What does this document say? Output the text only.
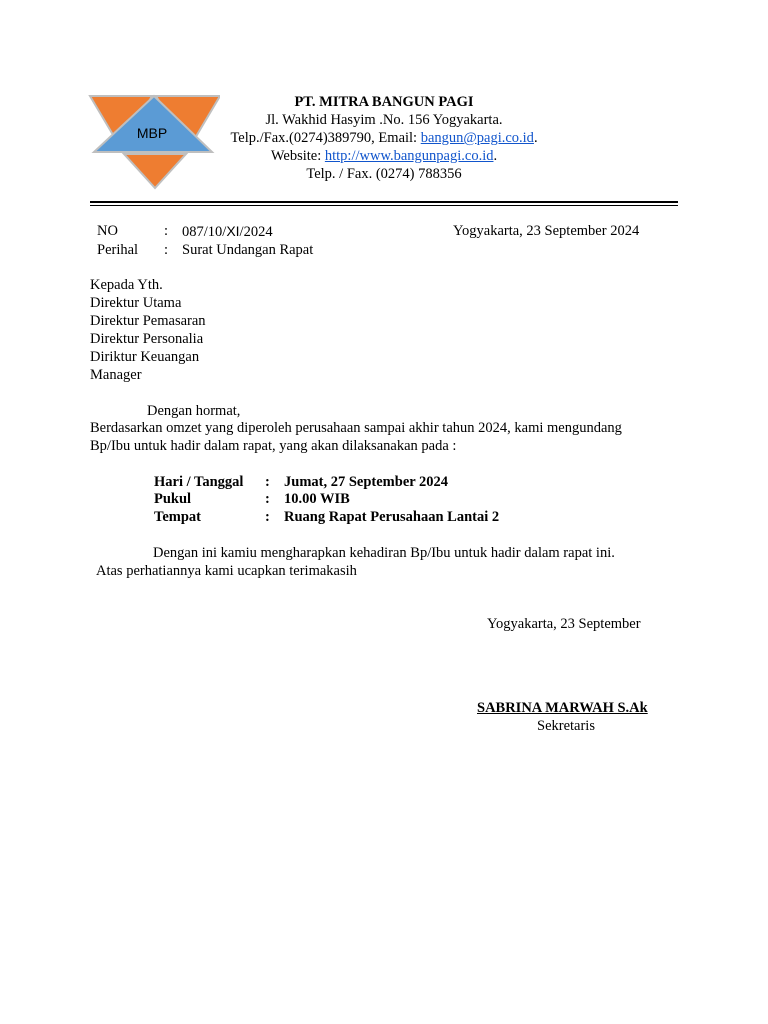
MBP
PT. MITRA BANGUN PAGI
Jl. Wakhid Hasyim .No. 156 Yogyakarta.
Telp./Fax.(0274)389790, Email: bangun@pagi.co.id.
Website: http://www.bangunpagi.co.id.
Telp. / Fax. (0274) 788356
NO	: 087/10/XI/2024	Yogyakarta, 23 September 2024
Perihal : Surat Undangan Rapat
Kepada Yth.
Direktur Utama
Direktur Pemasaran
Direktur Personalia
Diriktur Keuangan
Manager
Dengan hormat,
Berdasarkan omzet yang diperoleh perusahaan sampai akhir tahun 2024, kami mengundang
Bp/Ibu untuk hadir dalam rapat, yang akan dilaksanakan pada :
Hari / Tanggal : Jumat, 27 September 2024
Pukul	: 10.00 WIB
Tempat	: Ruang Rapat Perusahaan Lantai 2
Dengan ini kamiu mengharapkan kehadiran Bp/Ibu untuk hadir dalam rapat ini.
Atas perhatiannya kami ucapkan terimakasih
Yogyakarta, 23 September
SABRINA MARWAH S.Ak
Sekretaris
